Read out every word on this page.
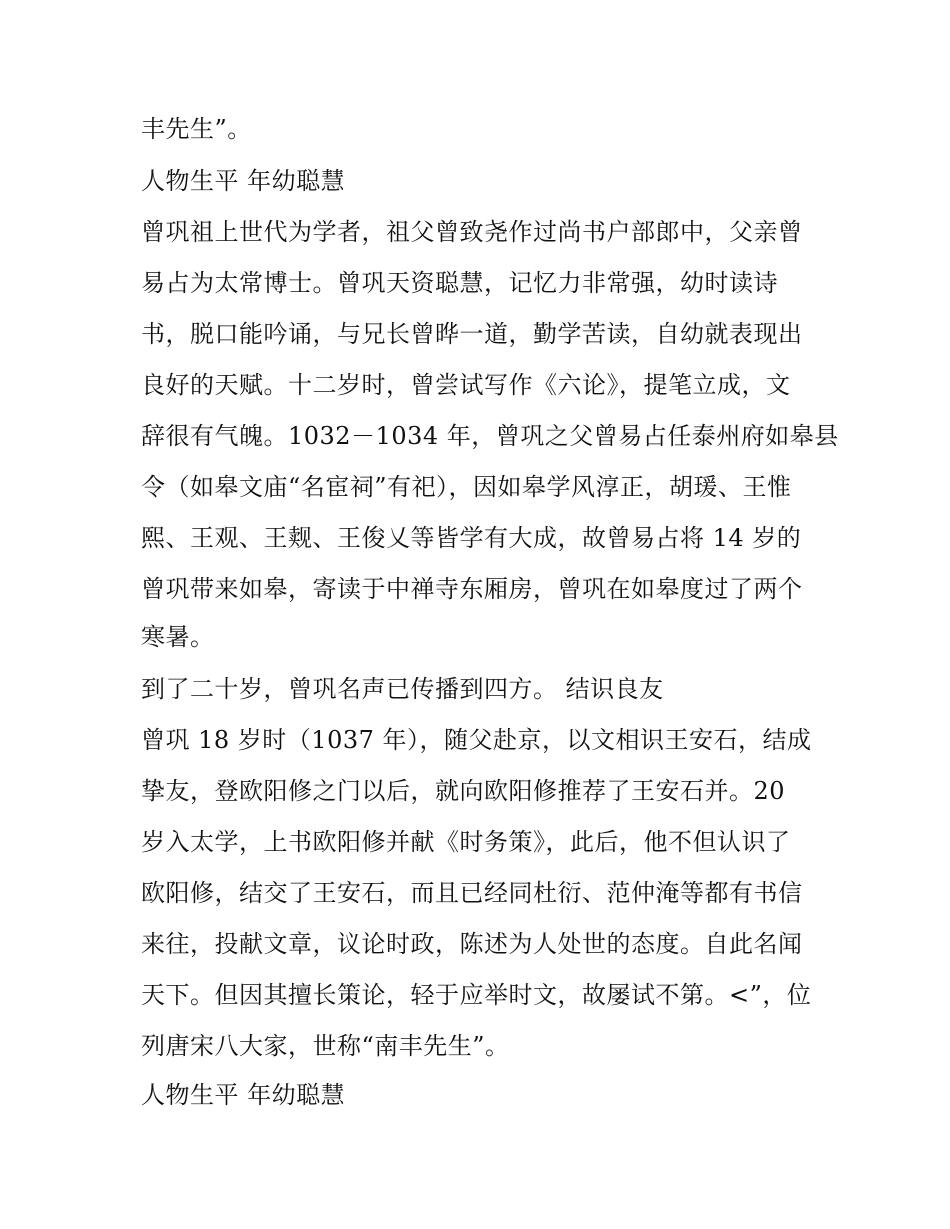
丰先生”。
人物生平 年幼聪慧
曾巩祖上世代为学者，祖父曾致尧作过尚书户部郎中，父亲曾
易占为太常博士。曾巩天资聪慧，记忆力非常强，幼时读诗
书，脱口能吟诵，与兄长曾晔一道，勤学苦读，自幼就表现出
良好的天赋。十二岁时，曾尝试写作《六论》，提笔立成，文
辞很有气魄。1032－1034 年，曾巩之父曾易占任泰州府如皋县
令（如皋文庙“名宦祠”有祀），因如皋学风淳正，胡瑗、王惟
熙、王观、王觌、王俊乂等皆学有大成，故曾易占将 14 岁的
曾巩带来如皋，寄读于中禅寺东厢房，曾巩在如皋度过了两个
寒暑。
到了二十岁，曾巩名声已传播到四方。 结识良友
曾巩 18 岁时（1037 年），随父赴京，以文相识王安石，结成
挚友，登欧阳修之门以后，就向欧阳修推荐了王安石并。20
岁入太学，上书欧阳修并献《时务策》，此后，他不但认识了
欧阳修，结交了王安石，而且已经同杜衍、范仲淹等都有书信
来往，投献文章，议论时政，陈述为人处世的态度。自此名闻
天下。但因其擅长策论，轻于应举时文，故屡试不第。<”，位
列唐宋八大家，世称“南丰先生”。
人物生平 年幼聪慧
